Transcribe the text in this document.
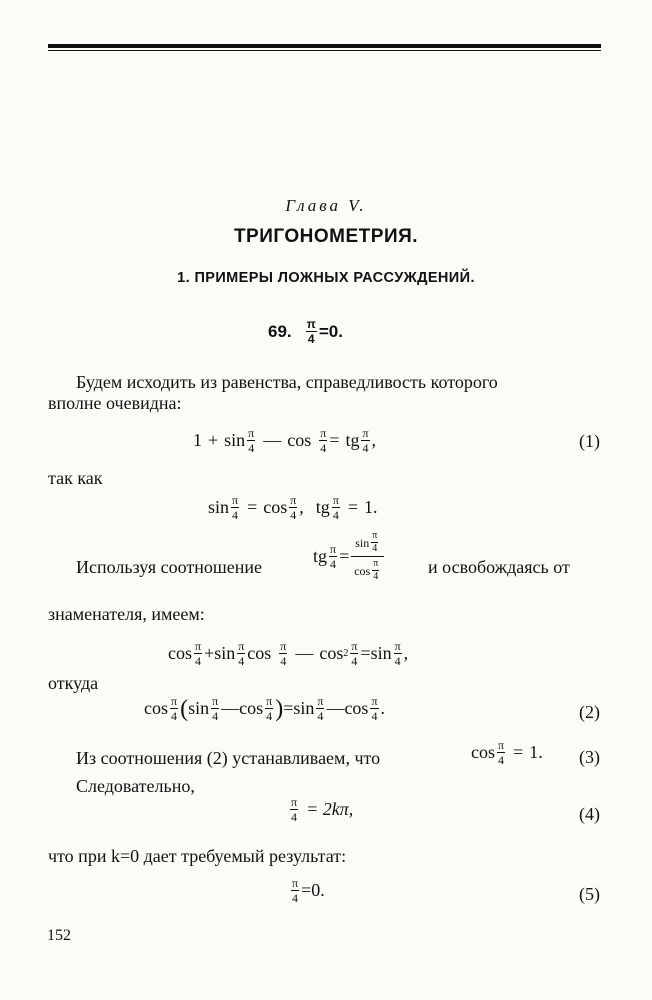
Глава V.
ТРИГОНОМЕТРИЯ.
1. ПРИМЕРЫ ЛОЖНЫХ РАССУЖДЕНИЙ.
69. $\frac{\pi}{4} =0$.
Будем исходить из равенства, справедливость которого
вполне очевидна:
$1 + \sin \frac{\pi}{4}$ — $\cos \frac{\pi}{4}$ = tg $\frac{\pi}{4}$ ,	(1)
так как
$\sin \frac{\pi}{4} = \cos \frac{\pi}{4}$ , tg $\frac{\pi}{4} = 1$ .
Используя соотношение
tg $\frac{\pi}{4} = \frac{\sin \frac{\pi}{4}}{\cos \frac{\pi}{4}}$ и освобождаясь от
знаменателя, имеем:
$\cos \frac{\pi}{4} + \sin \frac{\pi}{4}$ $\cos \frac{\pi}{4}$ — $\cos 2 \frac{\pi}{4} = \sin \frac{\pi}{4}$ ,
откуда
$\cos \frac{\pi}{4}$ ( $\sin \frac{\pi}{4}$ — $\cos \frac{\pi}{4}$ ) = $\sin \frac{\pi}{4}$ — $\cos \frac{\pi}{4}$ .	(2)
Из соотношения (2) устанавливаем, что	$\cos \frac{\pi}{4} = 1$ . (3)
Следовательно,
$\frac{\pi}{4} = 2k\pi$,	(4)
что при k=0 дает требуемый результат:
$\frac{\pi}{4} =0$.	(5)
152
